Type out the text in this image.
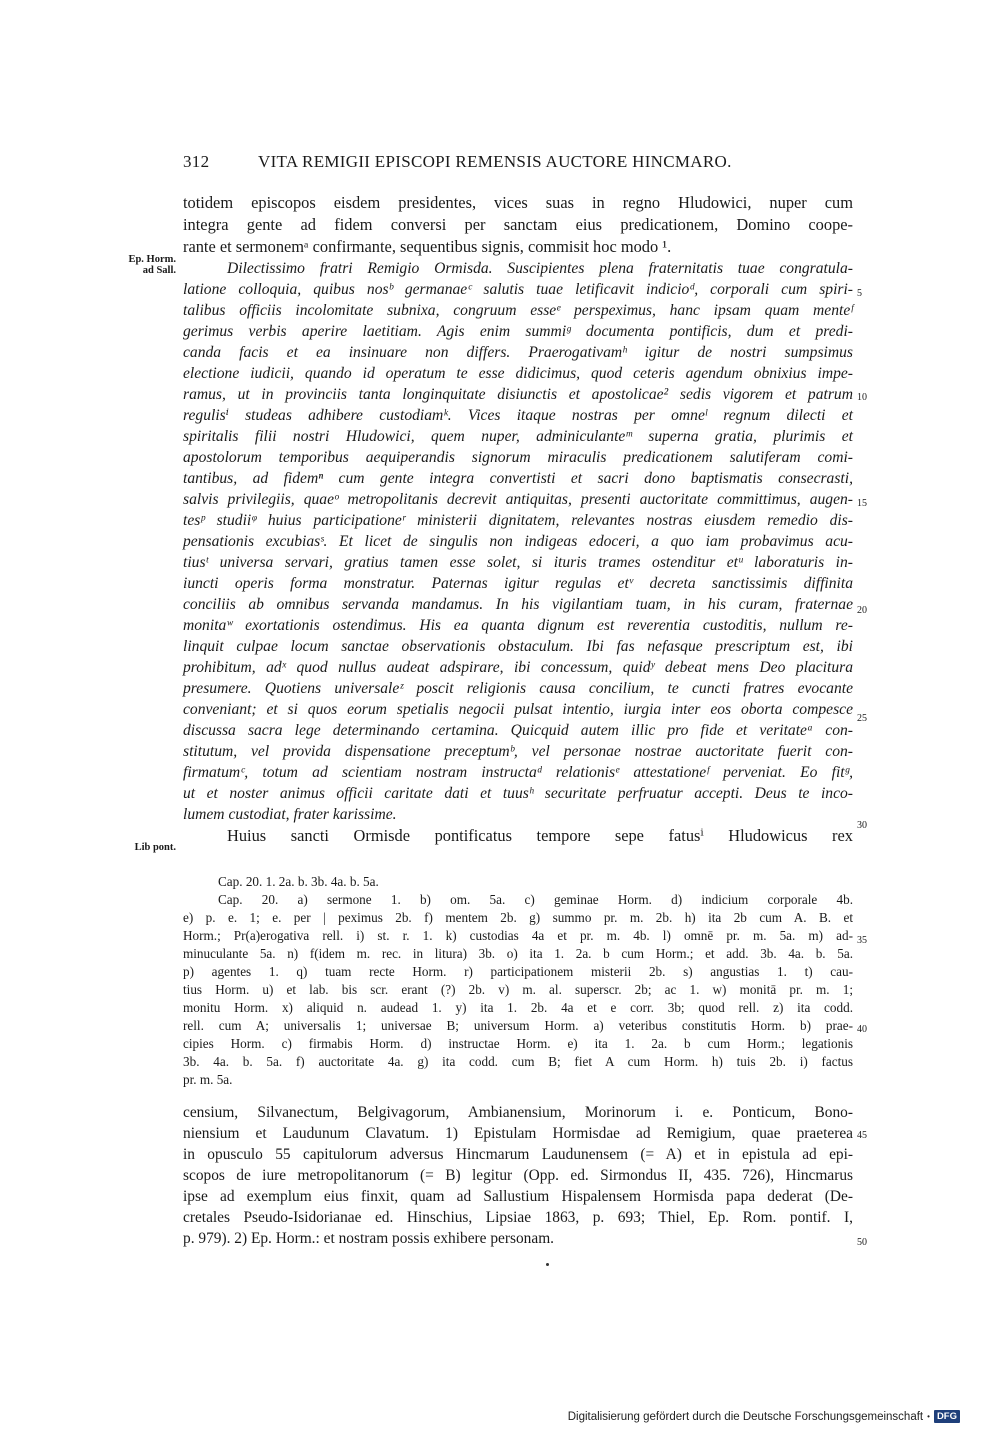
312	VITA REMIGII EPISCOPI REMENSIS AUCTORE HINCMARO.
Ep. Horm.
ad Sall.
Lib pont.
5
10
15
20
25
30
35
40
45
50
totidem episcopos eisdem presidentes, vices suas in regno Hludowici, nuper cum
integra gente ad fidem conversi per sanctam eius predicationem, Domino coope-
rante et sermonemᵃ confirmante, sequentibus signis, commisit hoc modo ¹.
Dilectissimo fratri Remigio Ormisda. Suscipientes plena fraternitatis tuae congratula-
latione colloquia, quibus nosᵇ germanaeᶜ salutis tuae letificavit indicioᵈ, corporali cum spiri-
talibus officiis incolomitate subnixa, congruum esseᵉ perspeximus, hanc ipsam quam menteᶠ
gerimus verbis aperire laetitiam. Agis enim summiᵍ documenta pontificis, dum et predi-
canda facis et ea insinuare non differs. Praerogativamʰ igitur de nostri sumpsimus
electione iudicii, quando id operatum te esse didicimus, quod ceteris agendum obnixius impe-
ramus, ut in provinciis tanta longinquitate disiunctis et apostolicae² sedis vigorem et patrum
regulisⁱ studeas adhibere custodiamᵏ. Vices itaque nostras per omneˡ regnum dilecti et
spiritalis filii nostri Hludowici, quem nuper, adminiculanteᵐ superna gratia, plurimis et
apostolorum temporibus aequiperandis signorum miraculis predicationem salutiferam comi-
tantibus, ad fidemⁿ cum gente integra convertisti et sacri dono baptismatis consecrasti,
salvis privilegiis, quaeᵒ metropolitanis decrevit antiquitas, presenti auctoritate committimus, augen-
tesᵖ studiiᵠ huius participationeʳ ministerii dignitatem, relevantes nostras eiusdem remedio dis-
pensationis excubiasˢ. Et licet de singulis non indigeas edoceri, a quo iam probavimus acu-
tiusᵗ universa servari, gratius tamen esse solet, si ituris trames ostenditur etᵘ laboraturis in-
iuncti operis forma monstratur. Paternas igitur regulas etᵛ decreta sanctissimis diffinita
conciliis ab omnibus servanda mandamus. In his vigilantiam tuam, in his curam, fraternae
monitaʷ exortationis ostendimus. His ea quanta dignum est reverentia custoditis, nullum re-
linquit culpae locum sanctae observationis obstaculum. Ibi fas nefasque prescriptum est, ibi
prohibitum, adˣ quod nullus audeat adspirare, ibi concessum, quidʸ debeat mens Deo placitura
presumere. Quotiens universaleᶻ poscit religionis causa concilium, te cuncti fratres evocante
conveniant; et si quos eorum spetialis negocii pulsat intentio, iurgia inter eos oborta compesce
discussa sacra lege determinando certamina. Quicquid autem illic pro fide et veritateᵃ con-
stitutum, vel provida dispensatione preceptumᵇ, vel personae nostrae auctoritate fuerit con-
firmatumᶜ, totum ad scientiam nostram instructaᵈ relationisᵉ attestationeᶠ perveniat. Eo fitᵍ,
ut et noster animus officii caritate dati et tuusʰ securitate perfruatur accepti. Deus te inco-
lumem custodiat, frater karissime.
Huius sancti Ormisde pontificatus tempore sepe fatusⁱ Hludowicus rex
Cap. 20. 1. 2a. b. 3b. 4a. b. 5a.
Cap. 20. a) sermone 1. b) om. 5a. c) geminae Horm. d) indicium corporale 4b.
e) p. e. 1; e. per | peximus 2b. f) mentem 2b. g) summo pr. m. 2b. h) ita 2b cum A. B. et
Horm.; Pr(a)erogativa rell. i) st. r. 1. k) custodias 4a et pr. m. 4b. l) omnē pr. m. 5a. m) ad-
minuculante 5a. n) f(idem m. rec. in litura) 3b. o) ita 1. 2a. b cum Horm.; et add. 3b. 4a. b. 5a.
p) agentes 1. q) tuam recte Horm. r) participationem misterii 2b. s) angustias 1. t) cau-
tius Horm. u) et lab. bis scr. erant (?) 2b. v) m. al. superscr. 2b; ac 1. w) monitā pr. m. 1;
monitu Horm. x) aliquid n. audead 1. y) ita 1. 2b. 4a et e corr. 3b; quod rell. z) ita codd.
rell. cum A; universalis 1; universae B; universum Horm. a) veteribus constitutis Horm. b) prae-
cipies Horm. c) firmabis Horm. d) instructae Horm. e) ita 1. 2a. b cum Horm.; legationis
3b. 4a. b. 5a. f) auctoritate 4a. g) ita codd. cum B; fiet A cum Horm. h) tuis 2b. i) factus
pr. m. 5a.
censium, Silvanectum, Belgivagorum, Ambianensium, Morinorum i. e. Ponticum, Bono-
niensium et Laudunum Clavatum. 1) Epistulam Hormisdae ad Remigium, quae praeterea
in opusculo 55 capitulorum adversus Hincmarum Laudunensem (= A) et in epistula ad epi-
scopos de iure metropolitanorum (= B) legitur (Opp. ed. Sirmondus II, 435. 726), Hincmarus
ipse ad exemplum eius finxit, quam ad Sallustium Hispalensem Hormisda papa dederat (De-
cretales Pseudo-Isidorianae ed. Hinschius, Lipsiae 1863, p. 693; Thiel, Ep. Rom. pontif. I,
p. 979). 2) Ep. Horm.: et nostram possis exhibere personam.
Digitalisierung gefördert durch die Deutsche Forschungsgemeinschaft • DFG
